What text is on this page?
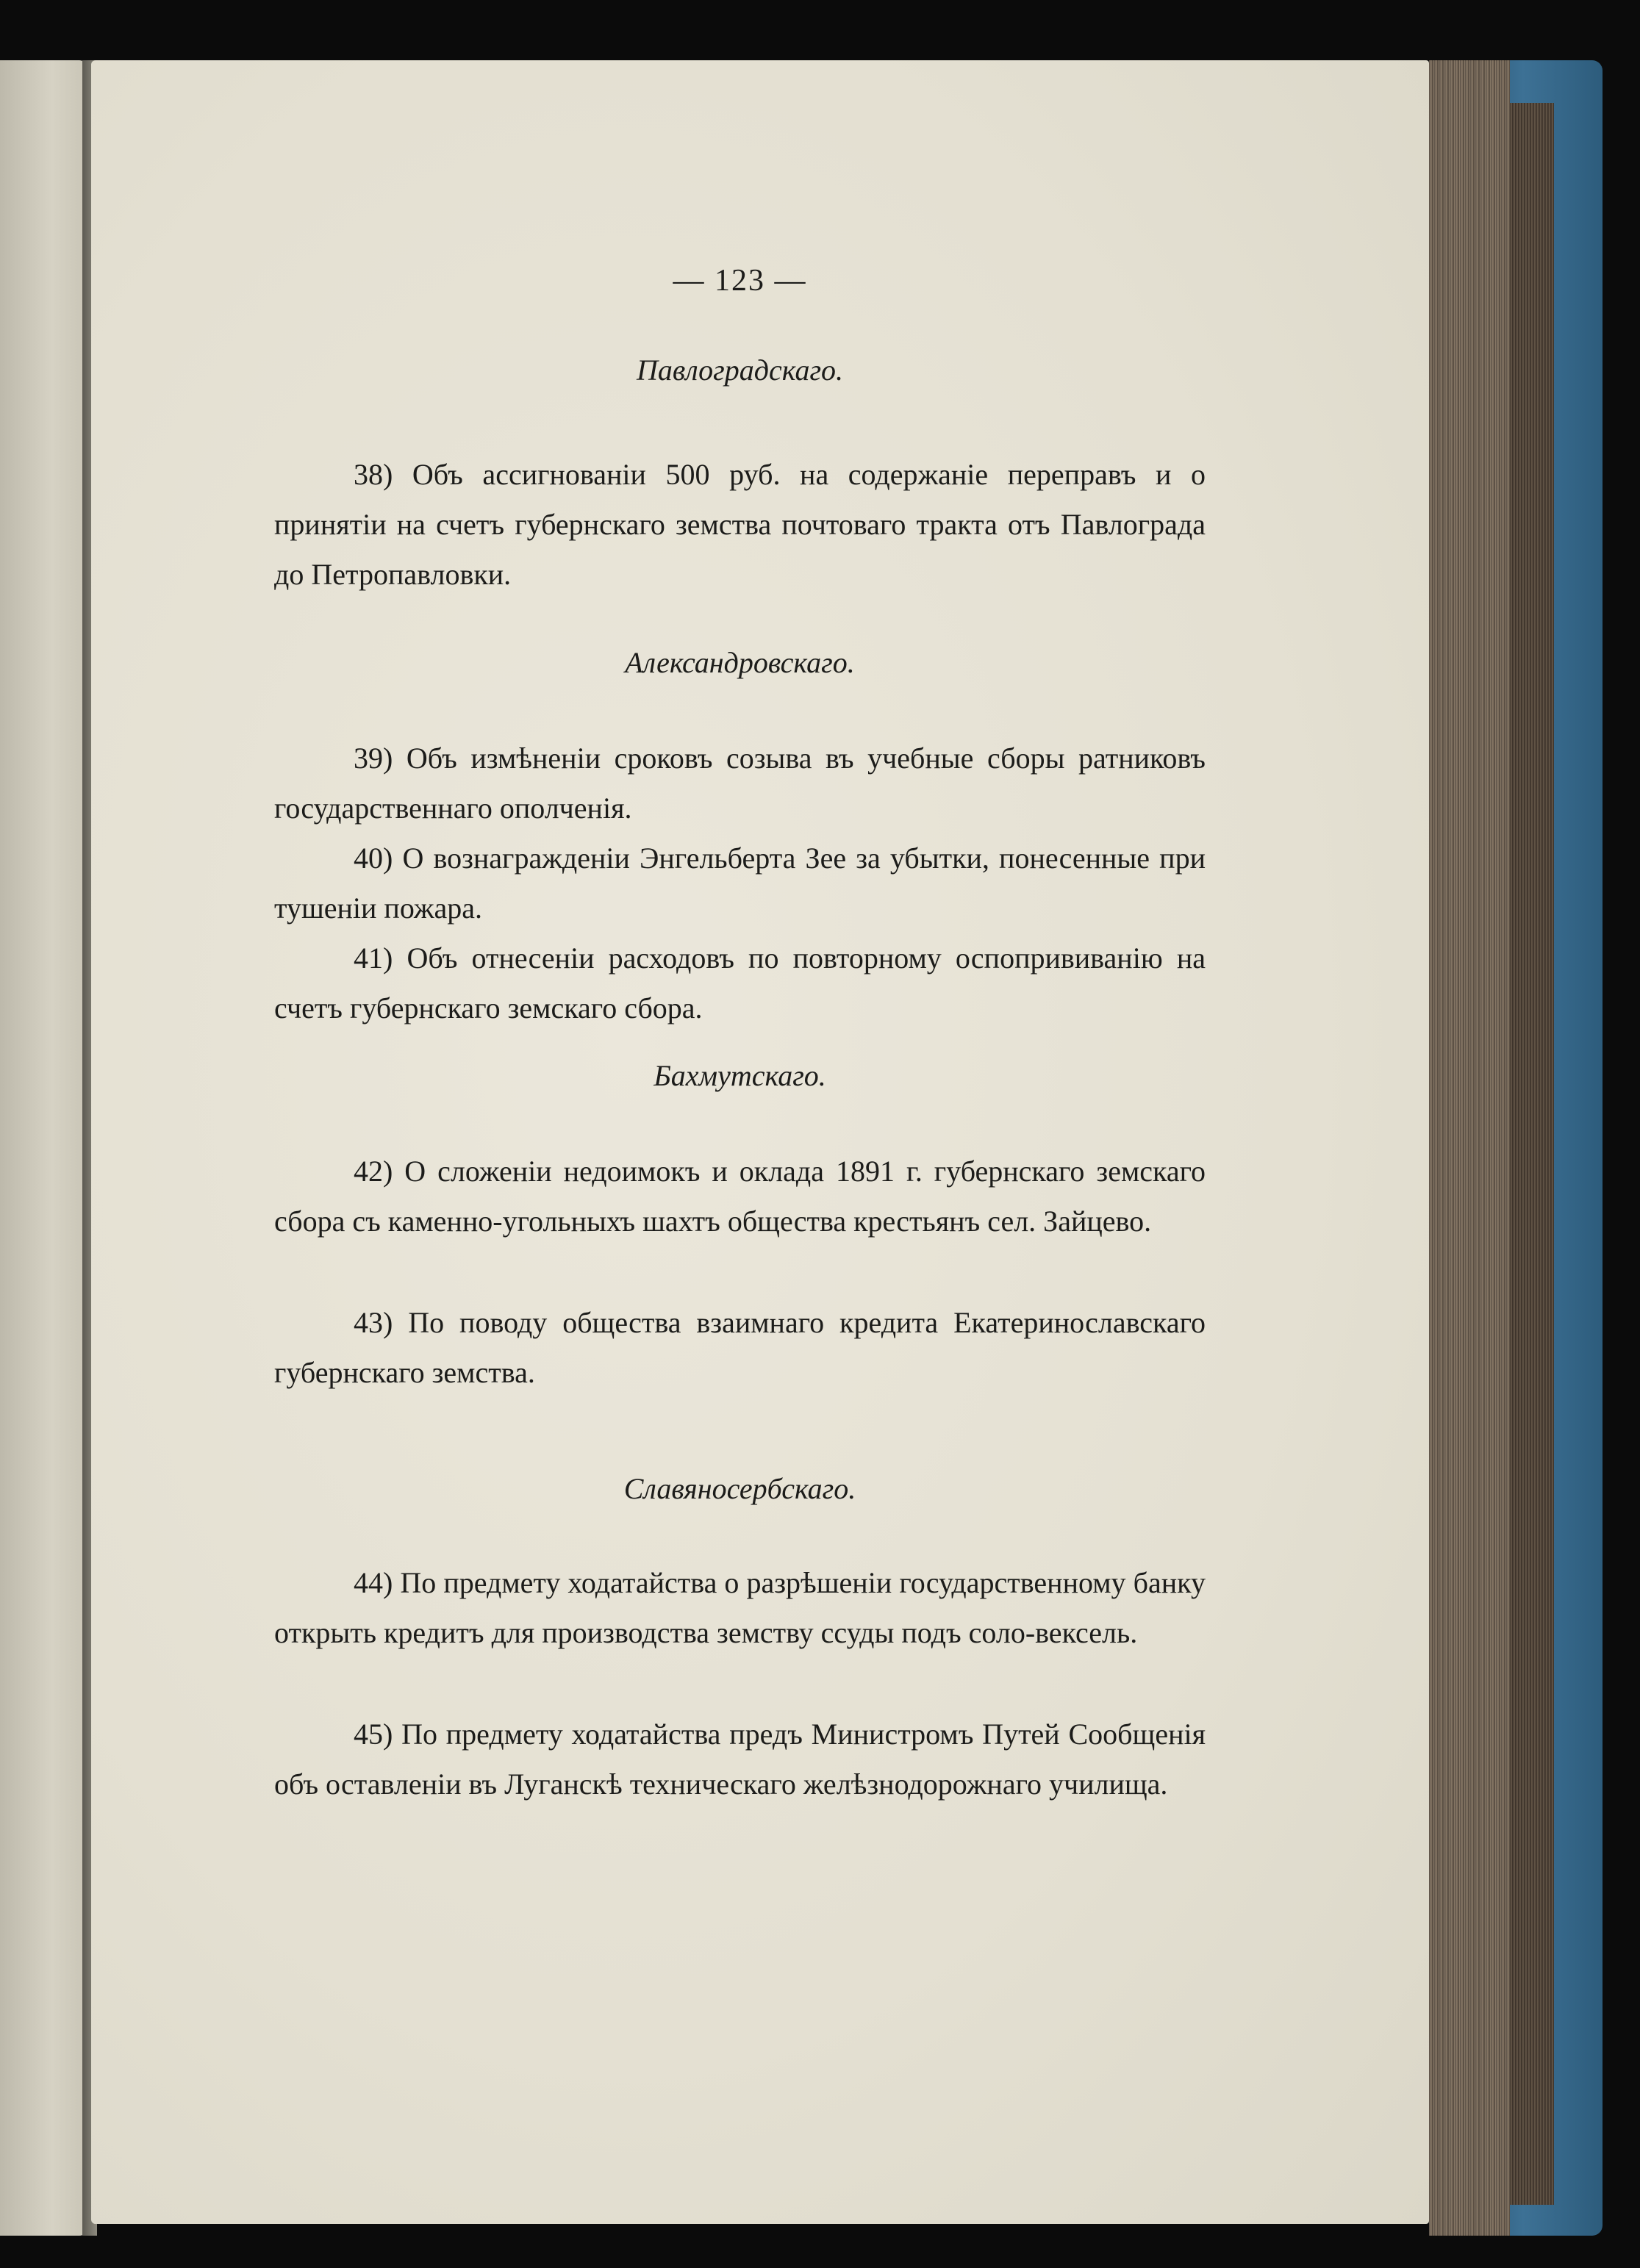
— 123 —
Павлоградскаго.

38) Объ ассигнованіи 500 руб. на содержаніе переправъ и о принятіи на счетъ губернскаго земства почтоваго тракта отъ Павлограда до Петропавловки.

Александровскаго.

39) Объ измѣненіи сроковъ созыва въ учебные сборы ратниковъ государственнаго ополченія.

40) О вознагражденіи Энгельберта Зее за убытки, понесенные при тушеніи пожара.

41) Объ отнесеніи расходовъ по повторному оспопрививанію на счетъ губернскаго земскаго сбора.

Бахмутскаго.

42) О сложеніи недоимокъ и оклада 1891 г. губернскаго земскаго сбора съ каменно-угольныхъ шахтъ общества крестьянъ сел. Зайцево.

43) По поводу общества взаимнаго кредита Екатеринославскаго губернскаго земства.

Славяносербскаго.

44) По предмету ходатайства о разрѣшеніи государственному банку открыть кредитъ для производства земству ссуды подъ соло-вексель.

45) По предмету ходатайства предъ Министромъ Путей Сообщенія объ оставленіи въ Луганскѣ техническаго желѣзнодорожнаго училища.
